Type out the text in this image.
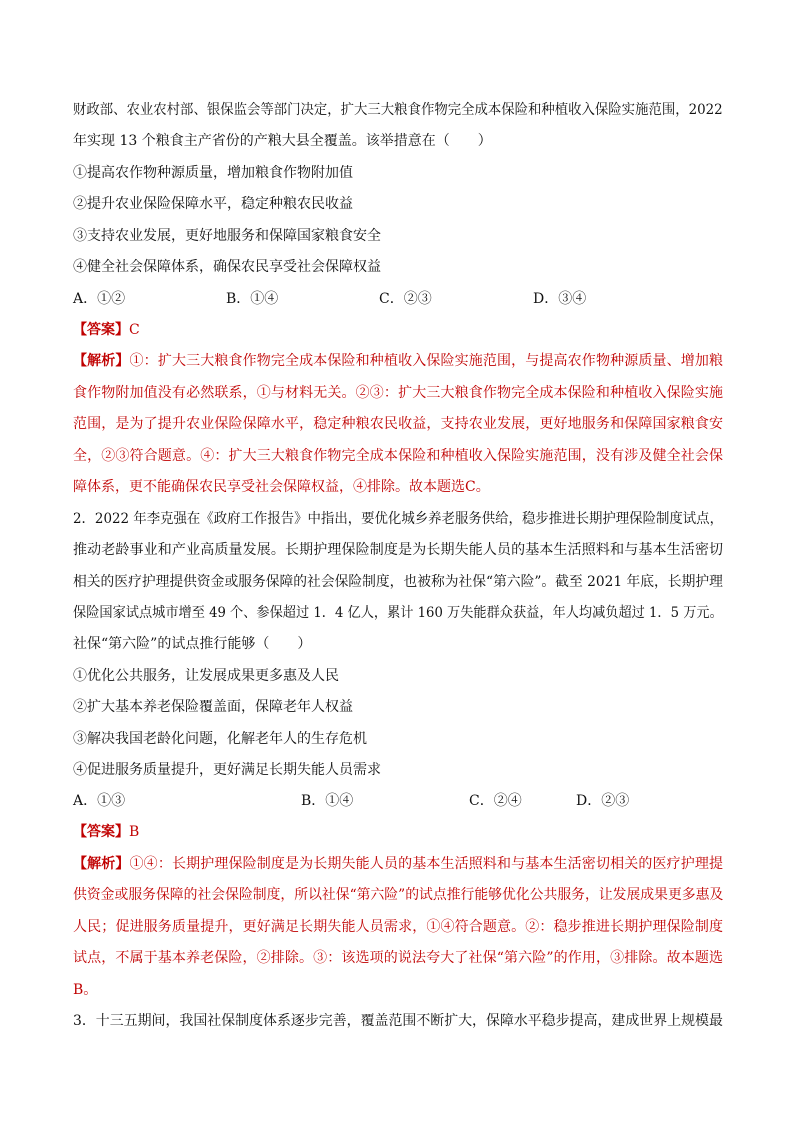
财政部、农业农村部、银保监会等部门决定，扩大三大粮食作物完全成本保险和种植收入保险实施范围，2022
年实现 13 个粮食主产省份的产粮大县全覆盖。该举措意在（　　）
①提高农作物种源质量，增加粮食作物附加值
②提升农业保险保障水平，稳定种粮农民收益
③支持农业发展，更好地服务和保障国家粮食安全
④健全社会保障体系，确保农民享受社会保障权益
A．①②	B．①④	C．②③	D．③④
【答案】C
【解析】①：扩大三大粮食作物完全成本保险和种植收入保险实施范围，与提高农作物种源质量、增加粮
食作物附加值没有必然联系，①与材料无关。②③：扩大三大粮食作物完全成本保险和种植收入保险实施
范围，是为了提升农业保险保障水平，稳定种粮农民收益，支持农业发展，更好地服务和保障国家粮食安
全，②③符合题意。④：扩大三大粮食作物完全成本保险和种植收入保险实施范围，没有涉及健全社会保
障体系，更不能确保农民享受社会保障权益，④排除。故本题选C。
2．2022 年李克强在《政府工作报告》中指出，要优化城乡养老服务供给，稳步推进长期护理保险制度试点，
推动老龄事业和产业高质量发展。长期护理保险制度是为长期失能人员的基本生活照料和与基本生活密切
相关的医疗护理提供资金或服务保障的社会保险制度，也被称为社保“第六险”。截至 2021 年底，长期护理
保险国家试点城市增至 49 个、参保超过 1．4 亿人，累计 160 万失能群众获益，年人均减负超过 1．5 万元。
社保“第六险”的试点推行能够（　　）
①优化公共服务，让发展成果更多惠及人民
②扩大基本养老保险覆盖面，保障老年人权益
③解决我国老龄化问题，化解老年人的生存危机
④促进服务质量提升，更好满足长期失能人员需求
A．①③	B．①④	C．②④	D．②③
【答案】B
【解析】①④：长期护理保险制度是为长期失能人员的基本生活照料和与基本生活密切相关的医疗护理提
供资金或服务保障的社会保险制度，所以社保“第六险”的试点推行能够优化公共服务，让发展成果更多惠及
人民；促进服务质量提升，更好满足长期失能人员需求，①④符合题意。②：稳步推进长期护理保险制度
试点，不属于基本养老保险，②排除。③：该选项的说法夸大了社保“第六险”的作用，③排除。故本题选
B。
3．十三五期间，我国社保制度体系逐步完善，覆盖范围不断扩大，保障水平稳步提高，建成世界上规模最
